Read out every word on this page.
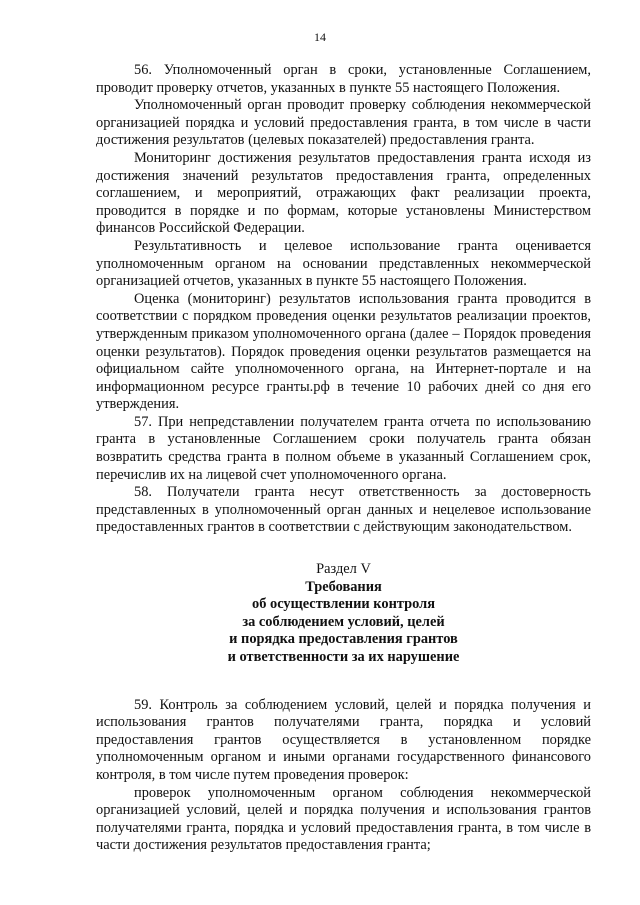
14

56. Уполномоченный орган в сроки, установленные Соглашением, проводит проверку отчетов, указанных в пункте 55 настоящего Положения.

Уполномоченный орган проводит проверку соблюдения некоммерческой организацией порядка и условий предоставления гранта, в том числе в части достижения результатов (целевых показателей) предоставления гранта.

Мониторинг достижения результатов предоставления гранта исходя из достижения значений результатов предоставления гранта, определенных соглашением, и мероприятий, отражающих факт реализации проекта, проводится в порядке и по формам, которые установлены Министерством финансов Российской Федерации.

Результативность и целевое использование гранта оценивается уполномоченным органом на основании представленных некоммерческой организацией отчетов, указанных в пункте 55 настоящего Положения.

Оценка (мониторинг) результатов использования гранта проводится в соответствии с порядком проведения оценки результатов реализации проектов, утвержденным приказом уполномоченного органа (далее – Порядок проведения оценки результатов). Порядок проведения оценки результатов размещается на официальном сайте уполномоченного органа, на Интернет-портале и на информационном ресурсе гранты.рф в течение 10 рабочих дней со дня его утверждения.

57. При непредставлении получателем гранта отчета по использованию гранта в установленные Соглашением сроки получатель гранта обязан возвратить средства гранта в полном объеме в указанный Соглашением срок, перечислив их на лицевой счет уполномоченного органа.

58. Получатели гранта несут ответственность за достоверность представленных в уполномоченный орган данных и нецелевое использование предоставленных грантов в соответствии с действующим законодательством.

Раздел V
Требования
об осуществлении контроля
за соблюдением условий, целей
и порядка предоставления грантов
и ответственности за их нарушение

59. Контроль за соблюдением условий, целей и порядка получения и использования грантов получателями гранта, порядка и условий предоставления грантов осуществляется в установленном порядке уполномоченным органом и иными органами государственного финансового контроля, в том числе путем проведения проверок:

проверок уполномоченным органом соблюдения некоммерческой организацией условий, целей и порядка получения и использования грантов получателями гранта, порядка и условий предоставления гранта, в том числе в части достижения результатов предоставления гранта;
